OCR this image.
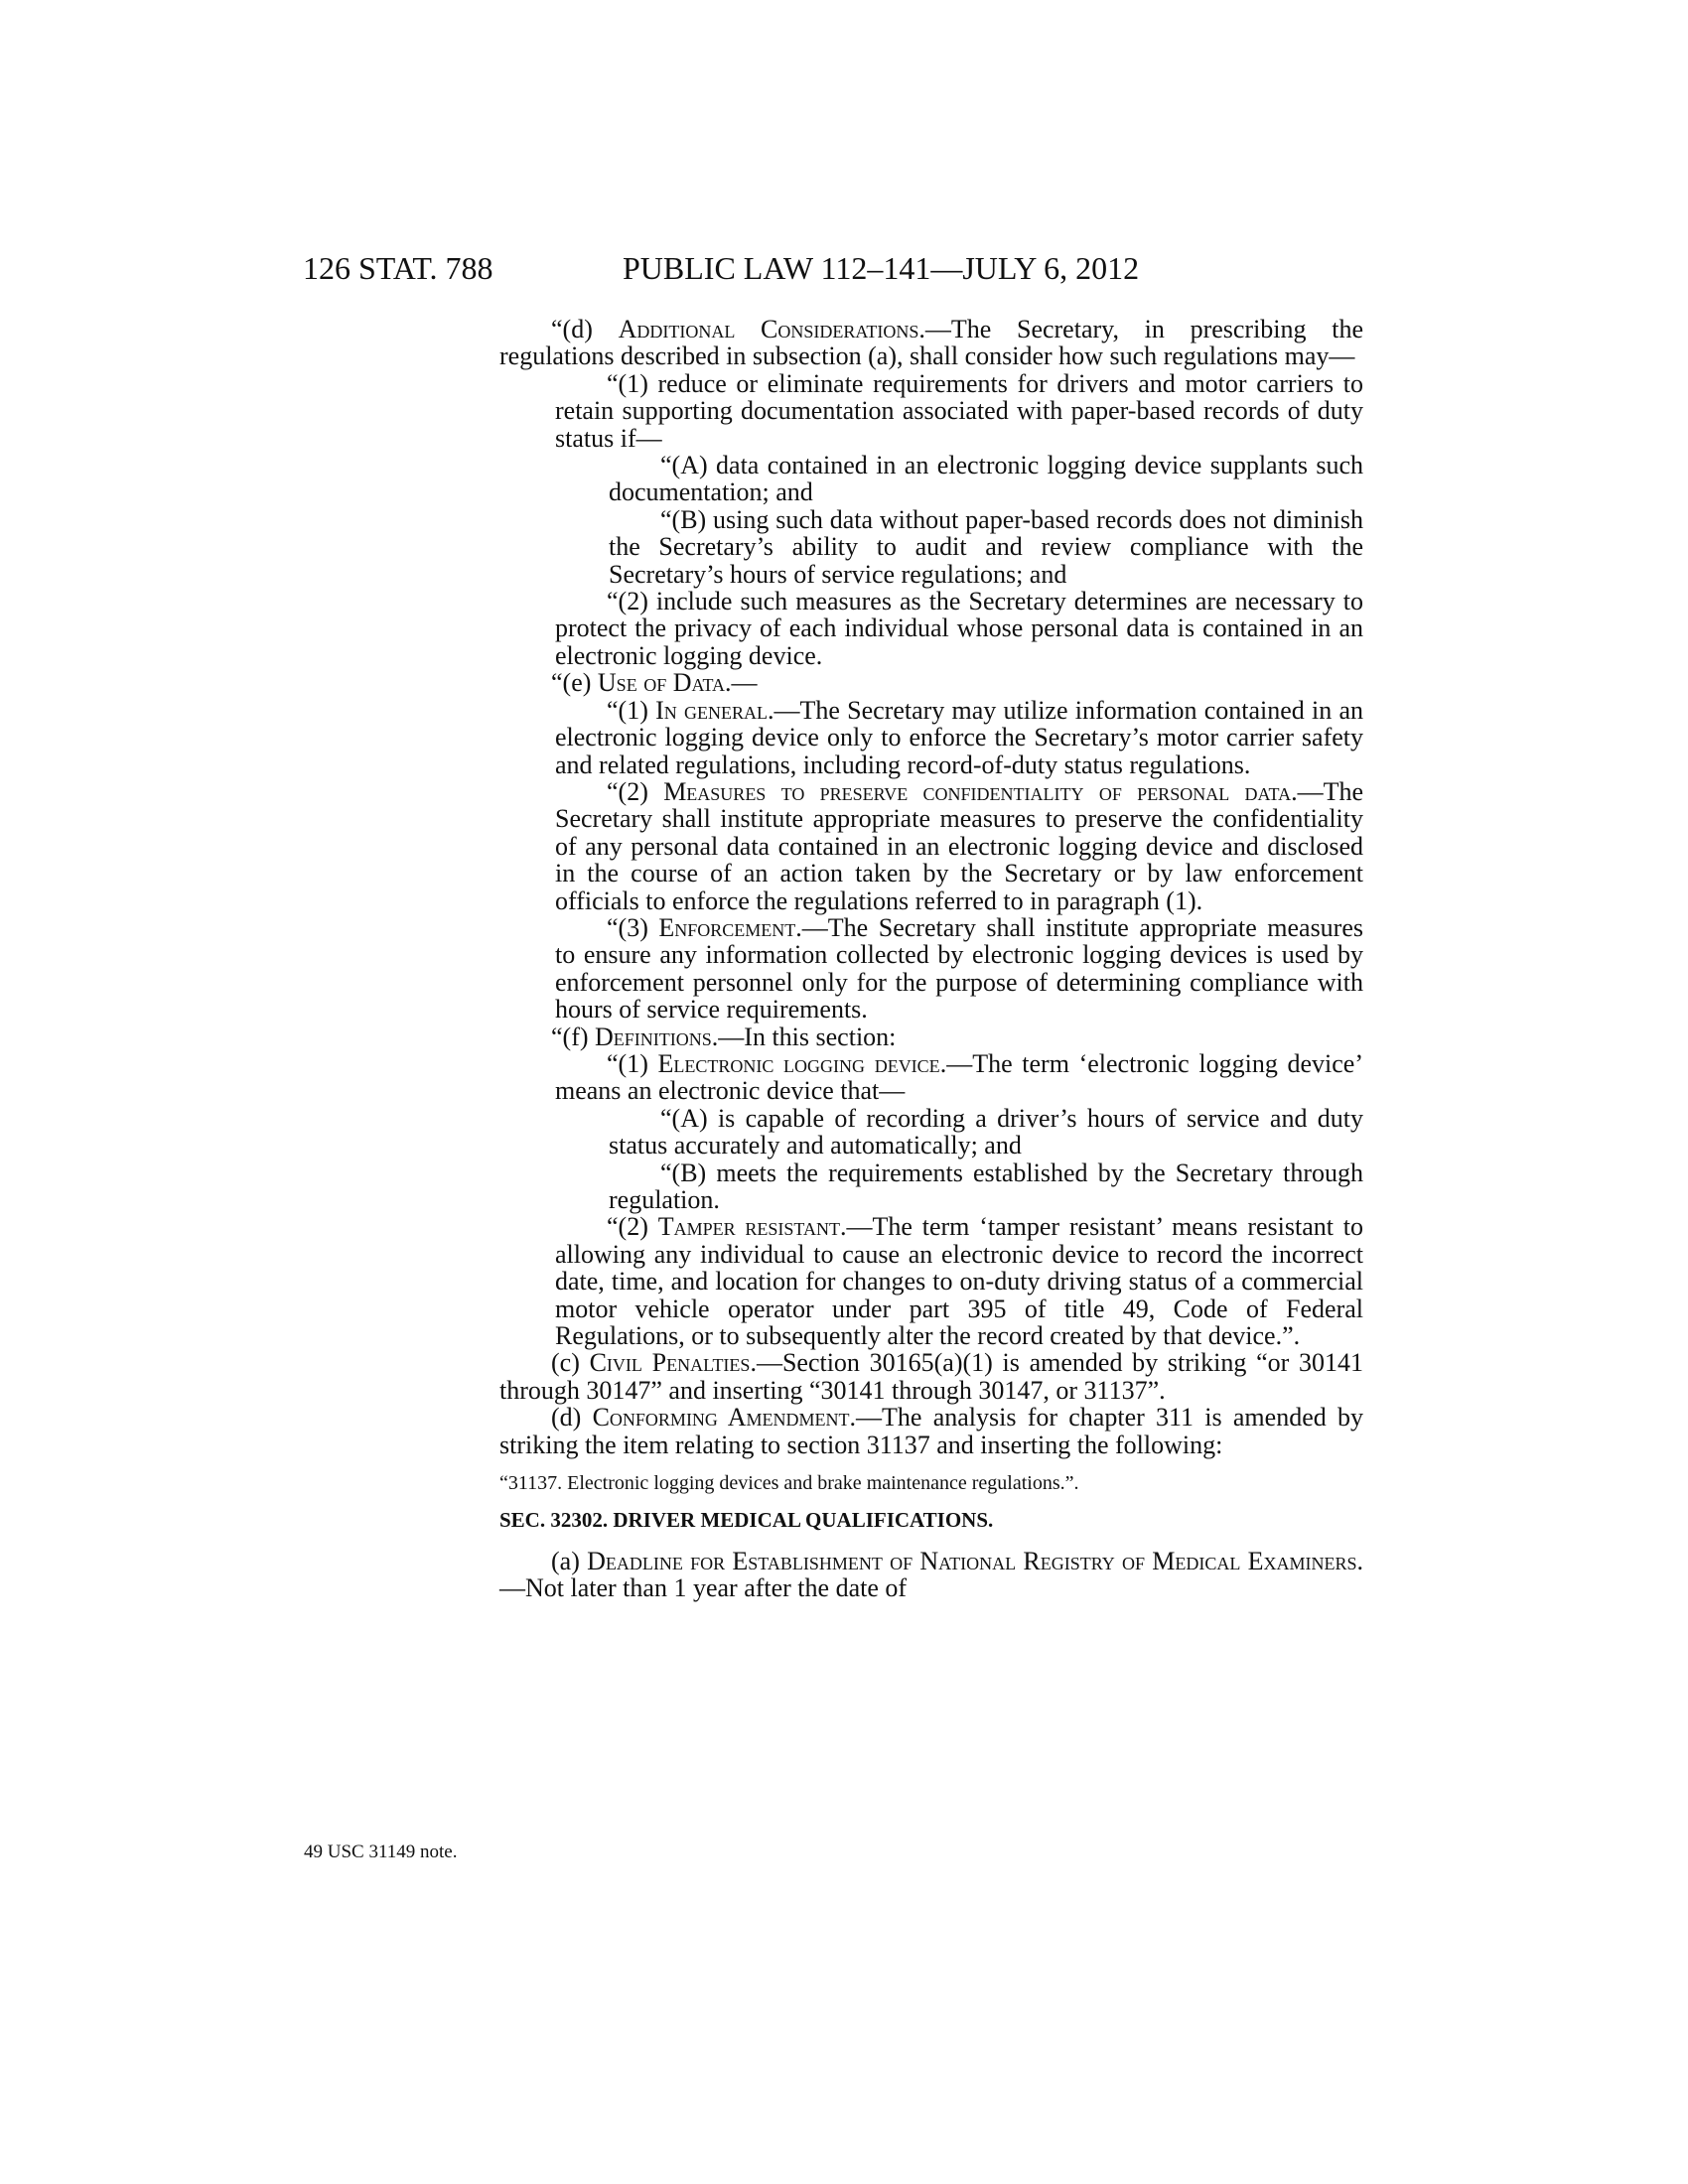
126 STAT. 788	PUBLIC LAW 112–141—JULY 6, 2012

“(d) Additional Considerations.—The Secretary, in prescribing the regulations described in subsection (a), shall consider how such regulations may—

“(1) reduce or eliminate requirements for drivers and motor carriers to retain supporting documentation associated with paper-based records of duty status if—

“(A) data contained in an electronic logging device supplants such documentation; and

“(B) using such data without paper-based records does not diminish the Secretary’s ability to audit and review compliance with the Secretary’s hours of service regulations; and

“(2) include such measures as the Secretary determines are necessary to protect the privacy of each individual whose personal data is contained in an electronic logging device.

“(e) Use of Data.—

“(1) In general.—The Secretary may utilize information contained in an electronic logging device only to enforce the Secretary’s motor carrier safety and related regulations, including record-of-duty status regulations.

“(2) Measures to preserve confidentiality of personal data.—The Secretary shall institute appropriate measures to preserve the confidentiality of any personal data contained in an electronic logging device and disclosed in the course of an action taken by the Secretary or by law enforcement officials to enforce the regulations referred to in paragraph (1).

“(3) Enforcement.—The Secretary shall institute appropriate measures to ensure any information collected by electronic logging devices is used by enforcement personnel only for the purpose of determining compliance with hours of service requirements.

“(f) Definitions.—In this section:

“(1) Electronic logging device.—The term ‘electronic logging device’ means an electronic device that—

“(A) is capable of recording a driver’s hours of service and duty status accurately and automatically; and

“(B) meets the requirements established by the Secretary through regulation.

“(2) Tamper resistant.—The term ‘tamper resistant’ means resistant to allowing any individual to cause an electronic device to record the incorrect date, time, and location for changes to on-duty driving status of a commercial motor vehicle operator under part 395 of title 49, Code of Federal Regulations, or to subsequently alter the record created by that device.”.

(c) Civil Penalties.—Section 30165(a)(1) is amended by striking “or 30141 through 30147” and inserting “30141 through 30147, or 31137”.

(d) Conforming Amendment.—The analysis for chapter 311 is amended by striking the item relating to section 31137 and inserting the following:

“31137. Electronic logging devices and brake maintenance regulations.”.

SEC. 32302. DRIVER MEDICAL QUALIFICATIONS.

(a) Deadline for Establishment of National Registry of Medical Examiners.—Not later than 1 year after the date of

49 USC 31149 note.
